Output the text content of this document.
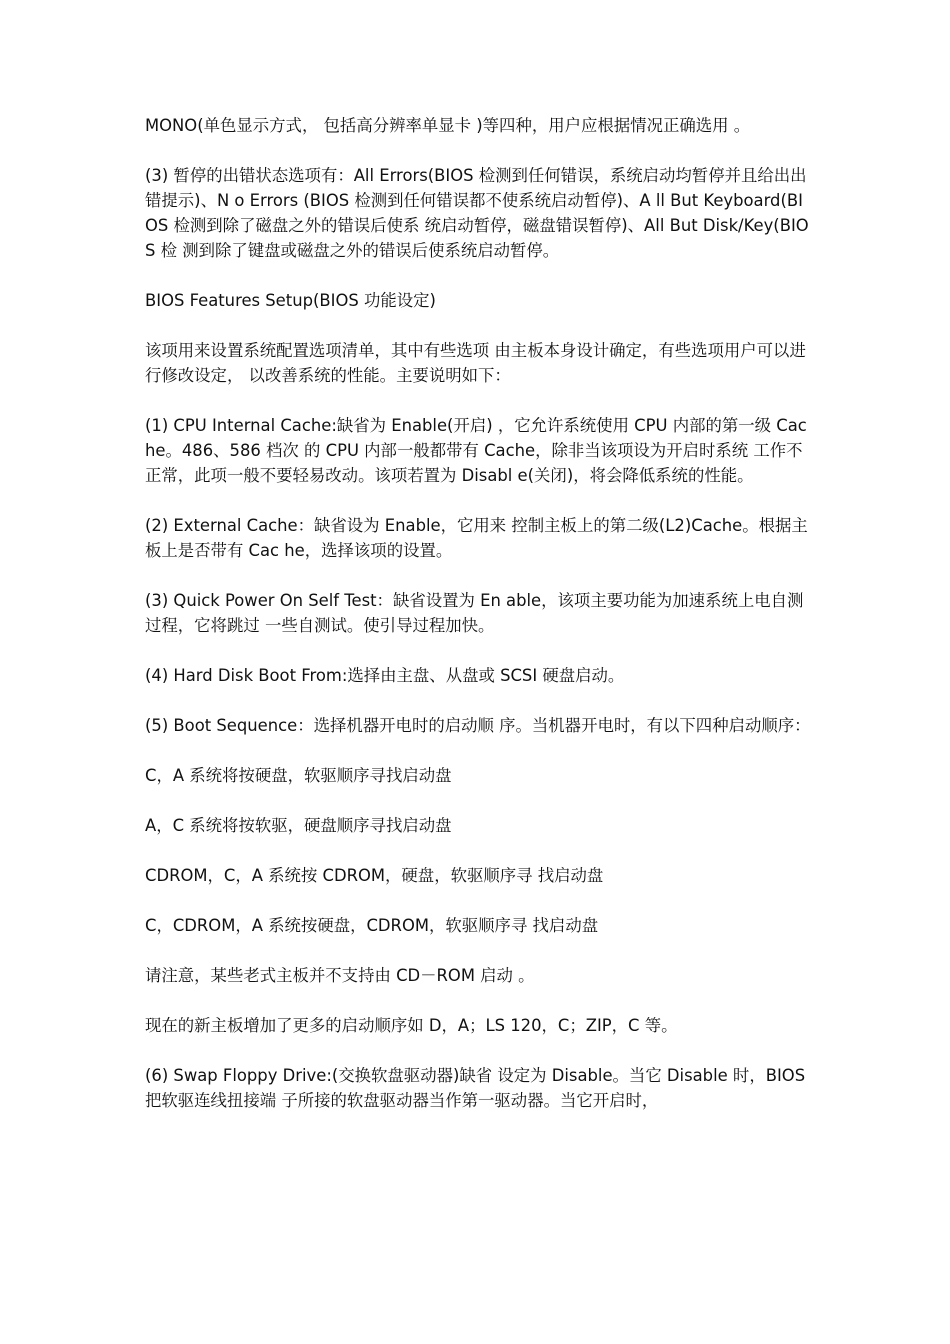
MONO(单色显示方式， 包括高分辨率单显卡 )等四种，用户应根据情况正确选用 。

(3) 暂停的出错状态选项有：All Errors(BIOS 检测到任何错误，系统启动均暂停并且给出出错提示)、N o Errors (BIOS 检测到任何错误都不使系统启动暂停)、A ll But Keyboard(BIOS 检测到除了磁盘之外的错误后使系 统启动暂停，磁盘错误暂停)、All But Disk/Key(BIOS 检 测到除了键盘或磁盘之外的错误后使系统启动暂停。

BIOS Features Setup(BIOS 功能设定)

该项用来设置系统配置选项清单，其中有些选项 由主板本身设计确定，有些选项用户可以进行修改设定， 以改善系统的性能。主要说明如下：

(1) CPU Internal Cache:缺省为 Enable(开启) ，它允许系统使用 CPU 内部的第一级 Cache。486、586 档次 的 CPU 内部一般都带有 Cache，除非当该项设为开启时系统 工作不正常，此项一般不要轻易改动。该项若置为 Disabl e(关闭)，将会降低系统的性能。

(2) External Cache：缺省设为 Enable，它用来 控制主板上的第二级(L2)Cache。根据主板上是否带有 Cac he，选择该项的设置。

(3) Quick Power On Self Test：缺省设置为 En able，该项主要功能为加速系统上电自测过程，它将跳过 一些自测试。使引导过程加快。

(4) Hard Disk Boot From:选择由主盘、从盘或 SCSI 硬盘启动。

(5) Boot Sequence：选择机器开电时的启动顺 序。当机器开电时，有以下四种启动顺序：

C，A 系统将按硬盘，软驱顺序寻找启动盘

A，C 系统将按软驱，硬盘顺序寻找启动盘

CDROM，C，A 系统按 CDROM，硬盘，软驱顺序寻 找启动盘

C，CDROM，A 系统按硬盘，CDROM，软驱顺序寻 找启动盘

请注意，某些老式主板并不支持由 CD－ROM 启动 。

现在的新主板增加了更多的启动顺序如 D，A；LS 120，C；ZIP，C 等。

(6) Swap Floppy Drive:(交换软盘驱动器)缺省 设定为 Disable。当它 Disable 时，BIOS 把软驱连线扭接端 子所接的软盘驱动器当作第一驱动器。当它开启时，
